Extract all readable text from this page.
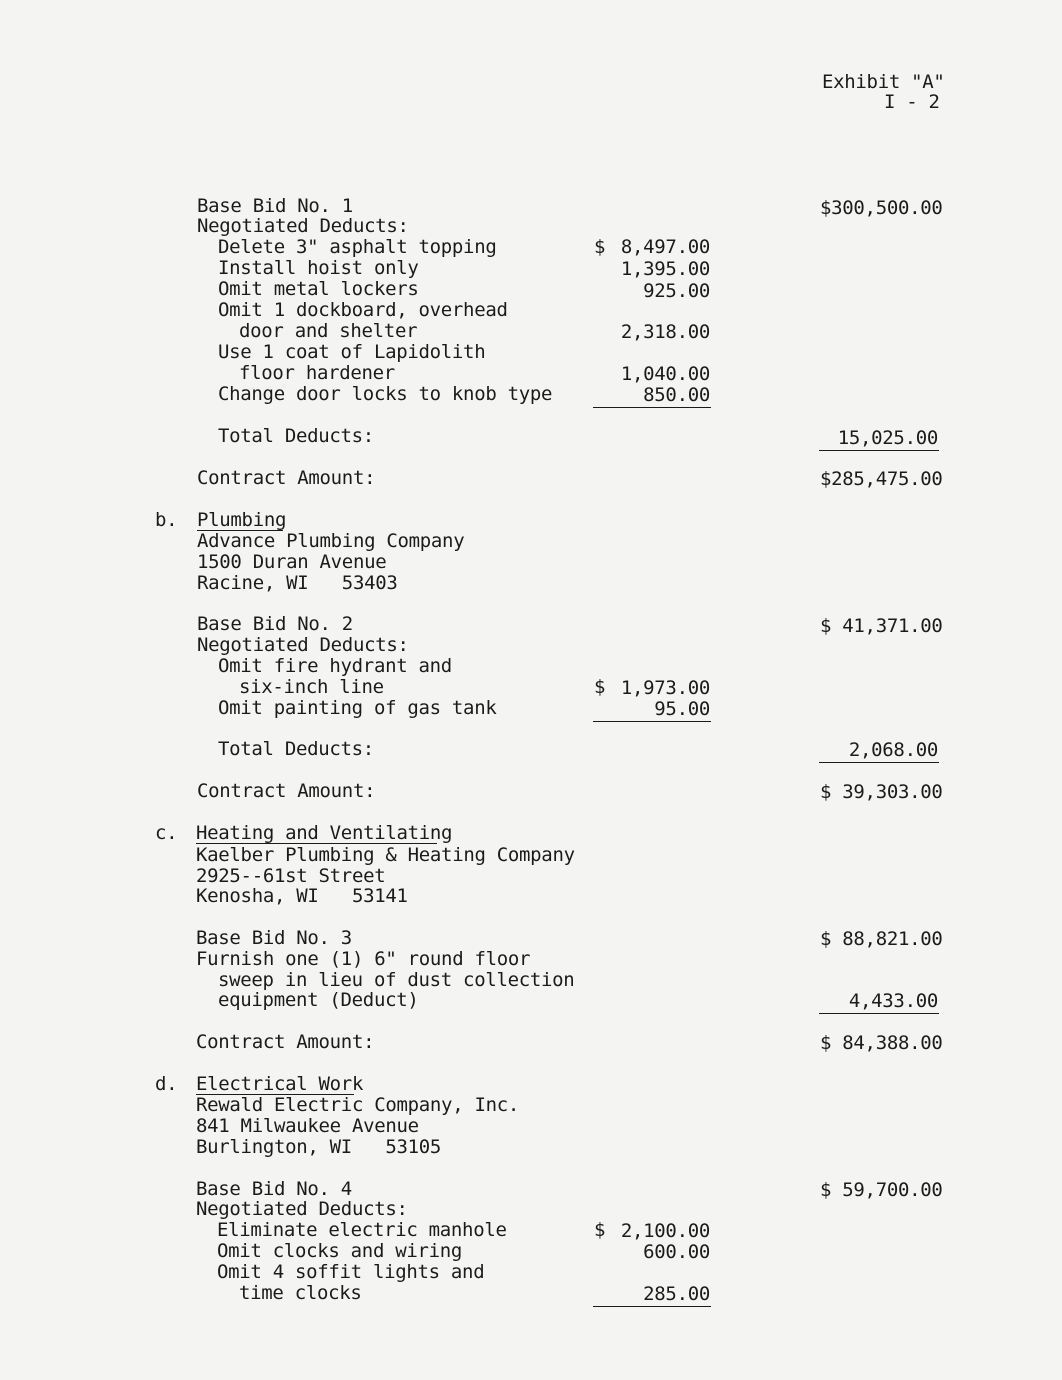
Exhibit "A"
I - 2
Base Bid No. 1	$300,500.00
Negotiated Deducts:
Delete 3" asphalt topping	$ 8,497.00
Install hoist only	1,395.00
Omit metal lockers	925.00
Omit 1 dockboard, overhead
door and shelter	2,318.00
Use 1 coat of Lapidolith
floor hardener	1,040.00
Change door locks to knob type	850.00
Total Deducts:	15,025.00
Contract Amount:	$285,475.00
b. Plumbing
Advance Plumbing Company
1500 Duran Avenue
Racine, WI   53403
Base Bid No. 2	$ 41,371.00
Negotiated Deducts:
Omit fire hydrant and
six-inch line	$ 1,973.00
Omit painting of gas tank	95.00
Total Deducts:	2,068.00
Contract Amount:	$ 39,303.00
c. Heating and Ventilating
Kaelber Plumbing & Heating Company
2925--61st Street
Kenosha, WI   53141
Base Bid No. 3	$ 88,821.00
Furnish one (1) 6" round floor
sweep in lieu of dust collection
equipment (Deduct)	4,433.00
Contract Amount:	$ 84,388.00
d. Electrical Work
Rewald Electric Company, Inc.
841 Milwaukee Avenue
Burlington, WI   53105
Base Bid No. 4	$ 59,700.00
Negotiated Deducts:
Eliminate electric manhole	$ 2,100.00
Omit clocks and wiring	600.00
Omit 4 soffit lights and
time clocks	285.00
